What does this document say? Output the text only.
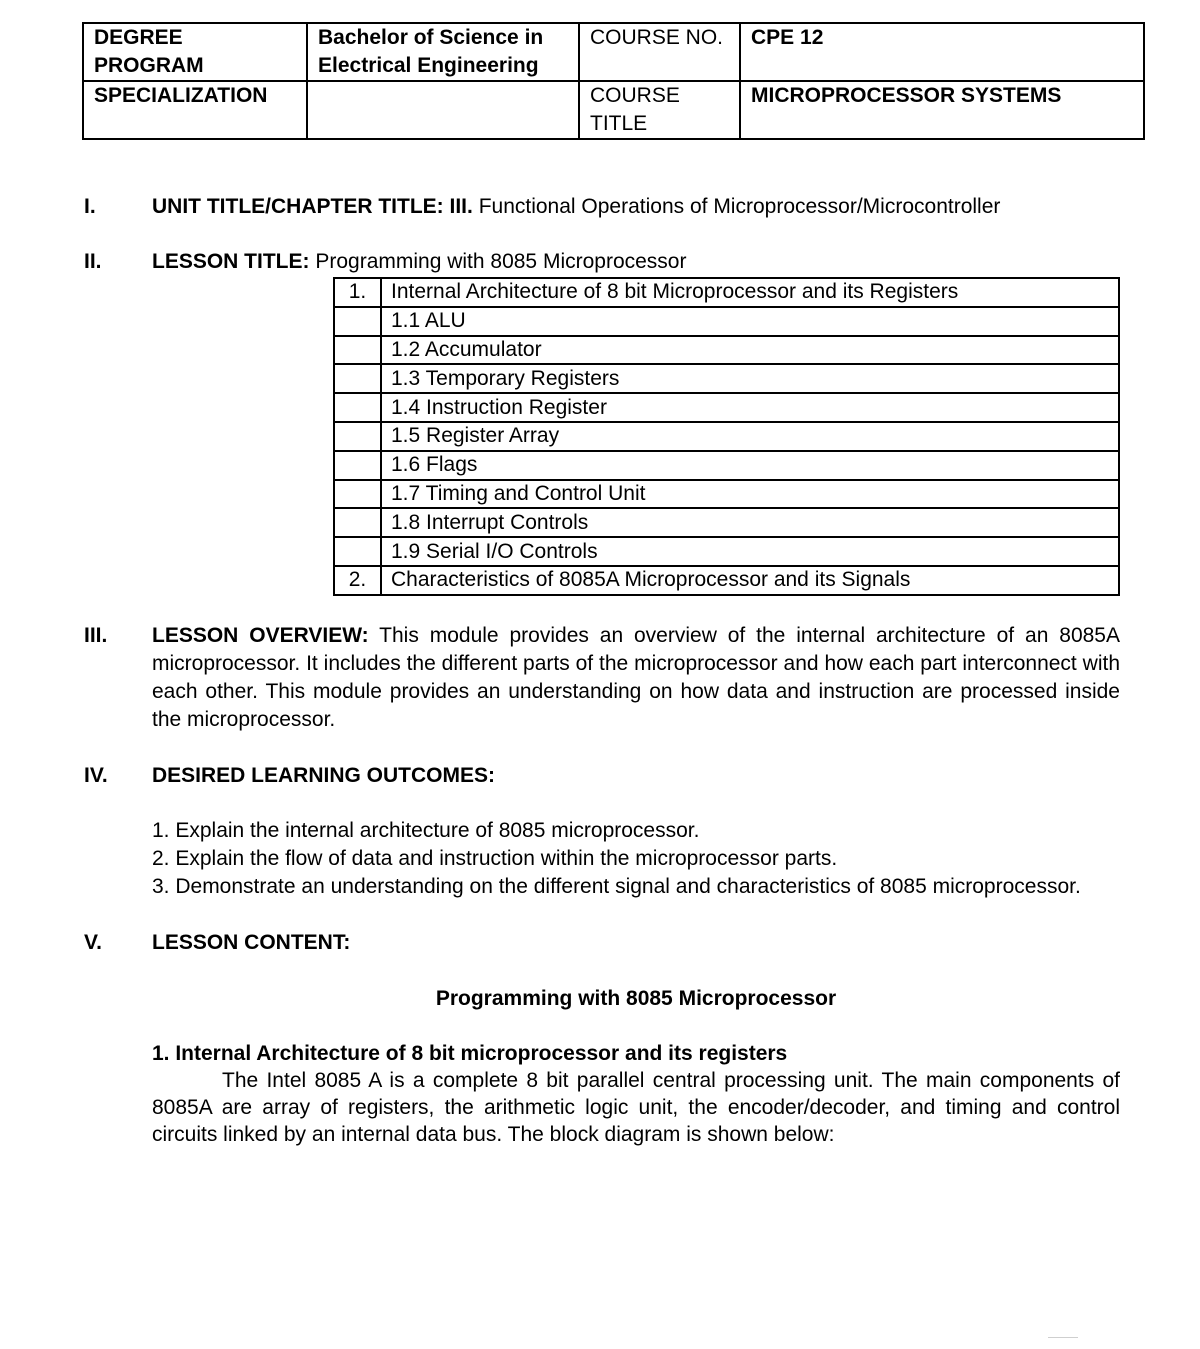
DEGREE PROGRAM	Bachelor of Science in Electrical Engineering	COURSE NO.	CPE 12
SPECIALIZATION		COURSE TITLE	MICROPROCESSOR SYSTEMS
I.	UNIT TITLE/CHAPTER TITLE: III. Functional Operations of Microprocessor/Microcontroller
II. LESSON TITLE: Programming with 8085 Microprocessor
1.	Internal Architecture of 8 bit Microprocessor and its Registers
	1.1 ALU
	1.2 Accumulator
	1.3 Temporary Registers
	1.4 Instruction Register
	1.5 Register Array
	1.6 Flags
	1.7 Timing and Control Unit
	1.8 Interrupt Controls
	1.9 Serial I/O Controls
2.	Characteristics of 8085A Microprocessor and its Signals
III. LESSON OVERVIEW: This module provides an overview of the internal architecture of an 8085A microprocessor. It includes the different parts of the microprocessor and how each part interconnect with each other. This module provides an understanding on how data and instruction are processed inside the microprocessor.
IV. DESIRED LEARNING OUTCOMES:
1. Explain the internal architecture of 8085 microprocessor.
2. Explain the flow of data and instruction within the microprocessor parts.
3. Demonstrate an understanding on the different signal and characteristics of 8085 microprocessor.
V. LESSON CONTENT:
Programming with 8085 Microprocessor
1. Internal Architecture of 8 bit microprocessor and its registers
The Intel 8085 A is a complete 8 bit parallel central processing unit. The main components of 8085A are array of registers, the arithmetic logic unit, the encoder/decoder, and timing and control circuits linked by an internal data bus. The block diagram is shown below:
